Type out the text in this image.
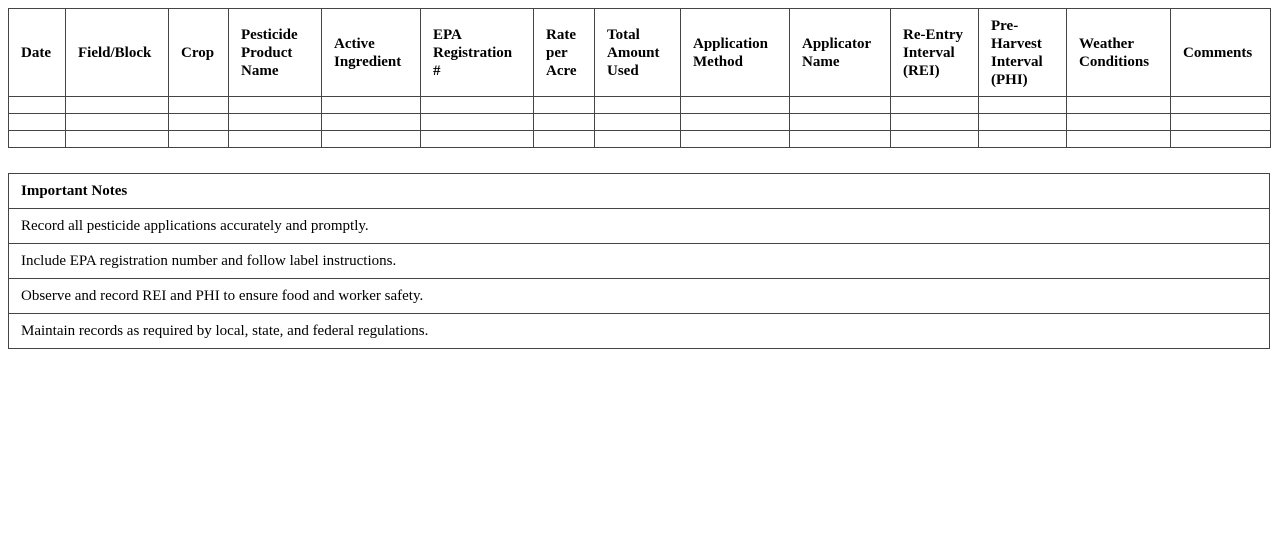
Date	Field/Block	Crop	Pesticide Product Name	Active Ingredient	EPA Registration #	Rate per Acre	Total Amount Used	Application Method	Applicator Name	Re-Entry Interval (REI)	Pre-Harvest Interval (PHI)	Weather Conditions	Comments

Important Notes
Record all pesticide applications accurately and promptly.
Include EPA registration number and follow label instructions.
Observe and record REI and PHI to ensure food and worker safety.
Maintain records as required by local, state, and federal regulations.
